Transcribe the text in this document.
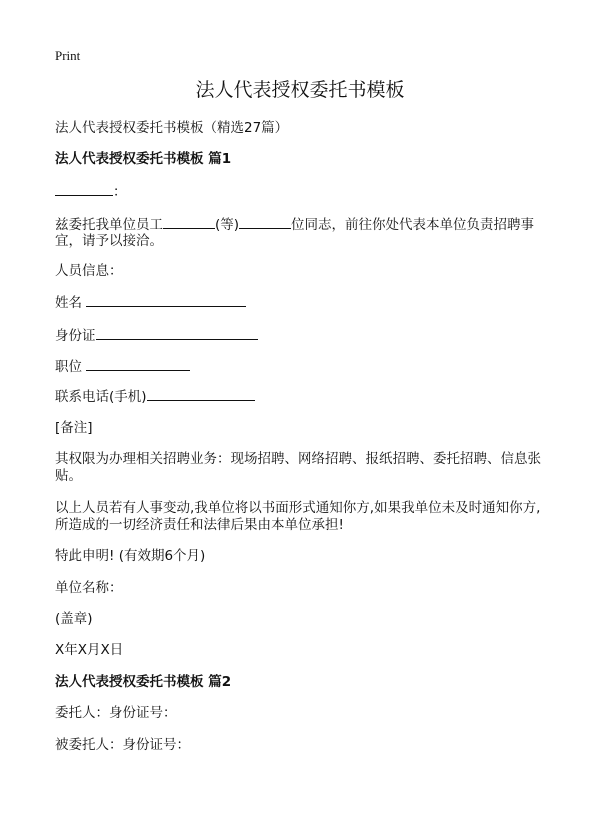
Print
法人代表授权委托书模板
法人代表授权委托书模板（精选27篇）
法人代表授权委托书模板 篇1
：
兹委托我单位员工	(等)	位同志，前往你处代表本单位负责招聘事
宜，请予以接洽。
人员信息：
姓名
身份证
职位
联系电话(手机)
[备注]
其权限为办理相关招聘业务：现场招聘、网络招聘、报纸招聘、委托招聘、信息张
贴。
以上人员若有人事变动,我单位将以书面形式通知你方,如果我单位未及时通知你方,
所造成的一切经济责任和法律后果由本单位承担!
特此申明! (有效期6个月)
单位名称：
(盖章)
X年X月X日
法人代表授权委托书模板 篇2
委托人：身份证号：
被委托人：身份证号：
